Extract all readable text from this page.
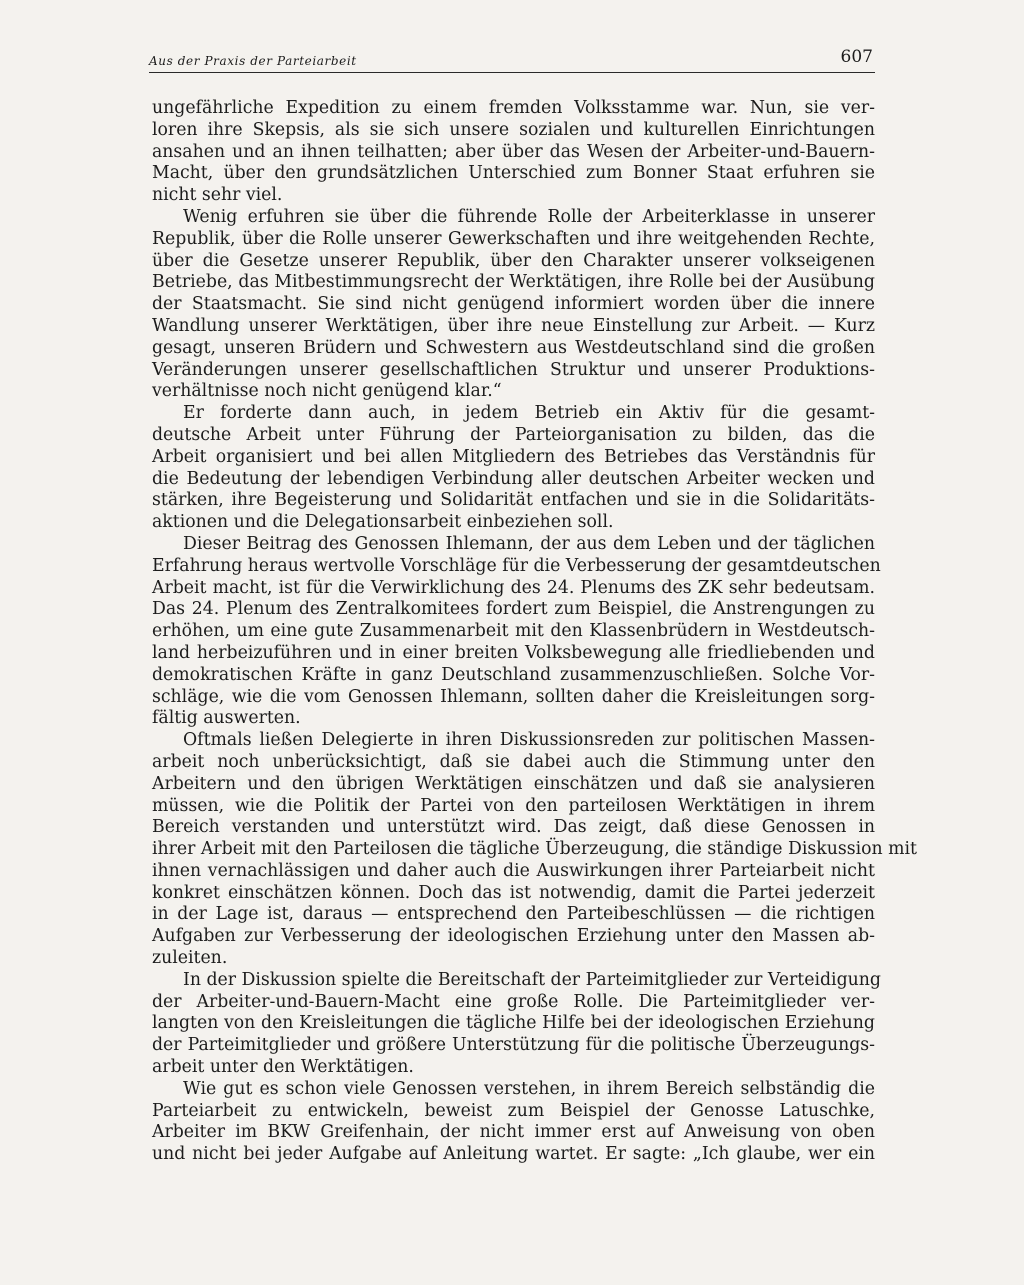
Aus der Praxis der Parteiarbeit	607
ungefährliche Expedition zu einem fremden Volksstamme war. Nun, sie ver-
loren ihre Skepsis, als sie sich unsere sozialen und kulturellen Einrichtungen
ansahen und an ihnen teilhatten; aber über das Wesen der Arbeiter-und-Bauern-
Macht, über den grundsätzlichen Unterschied zum Bonner Staat erfuhren sie
nicht sehr viel.
Wenig erfuhren sie über die führende Rolle der Arbeiterklasse in unserer
Republik, über die Rolle unserer Gewerkschaften und ihre weitgehenden Rechte,
über die Gesetze unserer Republik, über den Charakter unserer volkseigenen
Betriebe, das Mitbestimmungsrecht der Werktätigen, ihre Rolle bei der Ausübung
der Staatsmacht. Sie sind nicht genügend informiert worden über die innere
Wandlung unserer Werktätigen, über ihre neue Einstellung zur Arbeit. — Kurz
gesagt, unseren Brüdern und Schwestern aus Westdeutschland sind die großen
Veränderungen unserer gesellschaftlichen Struktur und unserer Produktions-
verhältnisse noch nicht genügend klar.“
Er forderte dann auch, in jedem Betrieb ein Aktiv für die gesamt-
deutsche Arbeit unter Führung der Parteiorganisation zu bilden, das die
Arbeit organisiert und bei allen Mitgliedern des Betriebes das Verständnis für
die Bedeutung der lebendigen Verbindung aller deutschen Arbeiter wecken und
stärken, ihre Begeisterung und Solidarität entfachen und sie in die Solidaritäts-
aktionen und die Delegationsarbeit einbeziehen soll.
Dieser Beitrag des Genossen Ihlemann, der aus dem Leben und der täglichen
Erfahrung heraus wertvolle Vorschläge für die Verbesserung der gesamtdeutschen
Arbeit macht, ist für die Verwirklichung des 24. Plenums des ZK sehr bedeutsam.
Das 24. Plenum des Zentralkomitees fordert zum Beispiel, die Anstrengungen zu
erhöhen, um eine gute Zusammenarbeit mit den Klassenbrüdern in Westdeutsch-
land herbeizuführen und in einer breiten Volksbewegung alle friedliebenden und
demokratischen Kräfte in ganz Deutschland zusammenzuschließen. Solche Vor-
schläge, wie die vom Genossen Ihlemann, sollten daher die Kreisleitungen sorg-
fältig auswerten.
Oftmals ließen Delegierte in ihren Diskussionsreden zur politischen Massen-
arbeit noch unberücksichtigt, daß sie dabei auch die Stimmung unter den
Arbeitern und den übrigen Werktätigen einschätzen und daß sie analysieren
müssen, wie die Politik der Partei von den parteilosen Werktätigen in ihrem
Bereich verstanden und unterstützt wird. Das zeigt, daß diese Genossen in
ihrer Arbeit mit den Parteilosen die tägliche Überzeugung, die ständige Diskussion mit
ihnen vernachlässigen und daher auch die Auswirkungen ihrer Parteiarbeit nicht
konkret einschätzen können. Doch das ist notwendig, damit die Partei jederzeit
in der Lage ist, daraus — entsprechend den Parteibeschlüssen — die richtigen
Aufgaben zur Verbesserung der ideologischen Erziehung unter den Massen ab-
zuleiten.
In der Diskussion spielte die Bereitschaft der Parteimitglieder zur Verteidigung
der Arbeiter-und-Bauern-Macht eine große Rolle. Die Parteimitglieder ver-
langten von den Kreisleitungen die tägliche Hilfe bei der ideologischen Erziehung
der Parteimitglieder und größere Unterstützung für die politische Überzeugungs-
arbeit unter den Werktätigen.
Wie gut es schon viele Genossen verstehen, in ihrem Bereich selbständig die
Parteiarbeit zu entwickeln, beweist zum Beispiel der Genosse Latuschke,
Arbeiter im BKW Greifenhain, der nicht immer erst auf Anweisung von oben
und nicht bei jeder Aufgabe auf Anleitung wartet. Er sagte: „Ich glaube, wer ein
